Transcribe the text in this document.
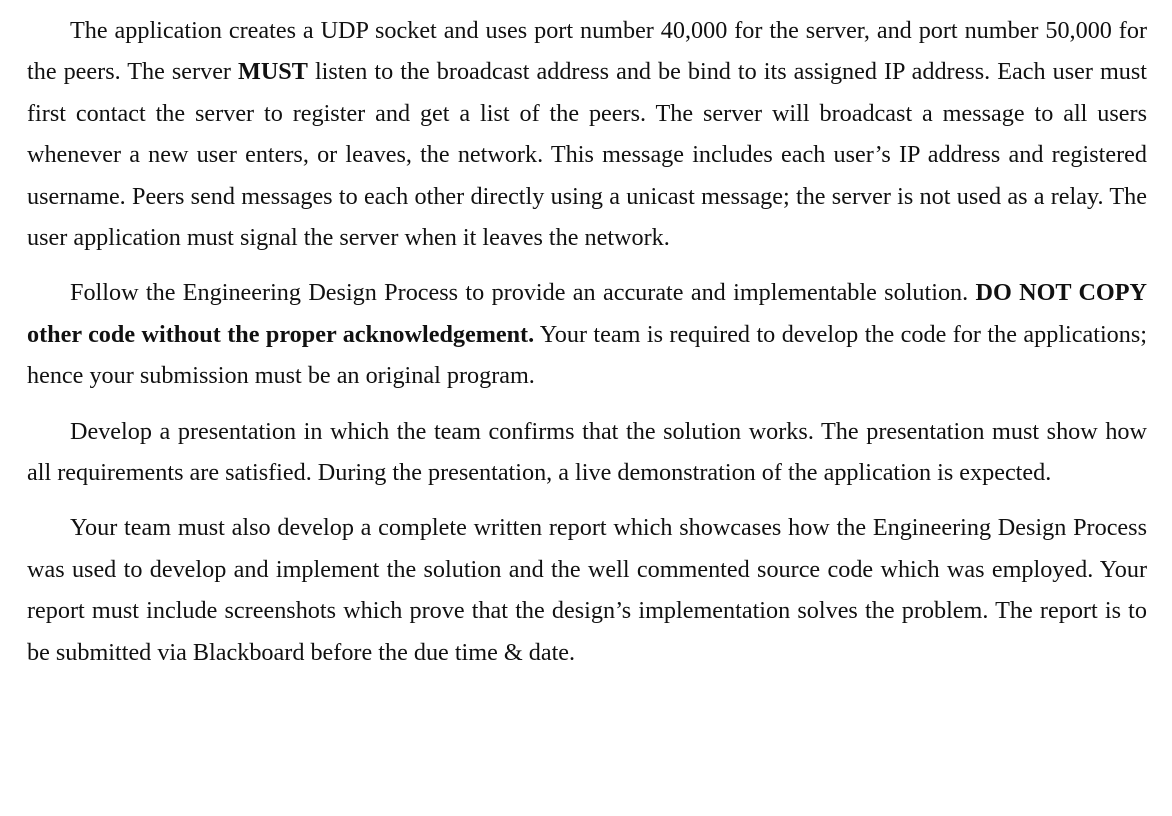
The application creates a UDP socket and uses port number 40,000 for the server, and port number 50,000 for the peers. The server MUST listen to the broadcast address and be bind to its assigned IP address. Each user must first contact the server to register and get a list of the peers. The server will broadcast a message to all users whenever a new user enters, or leaves, the network. This message includes each user’s IP address and registered username. Peers send messages to each other directly using a unicast message; the server is not used as a relay. The user application must signal the server when it leaves the network.

Follow the Engineering Design Process to provide an accurate and implementable solution. DO NOT COPY other code without the proper acknowledgement. Your team is required to develop the code for the applications; hence your submission must be an original program.

Develop a presentation in which the team confirms that the solution works. The presentation must show how all requirements are satisfied. During the presentation, a live demonstration of the application is expected.

Your team must also develop a complete written report which showcases how the Engineering Design Process was used to develop and implement the solution and the well commented source code which was employed. Your report must include screenshots which prove that the design’s implementation solves the problem. The report is to be submitted via Blackboard before the due time & date.
